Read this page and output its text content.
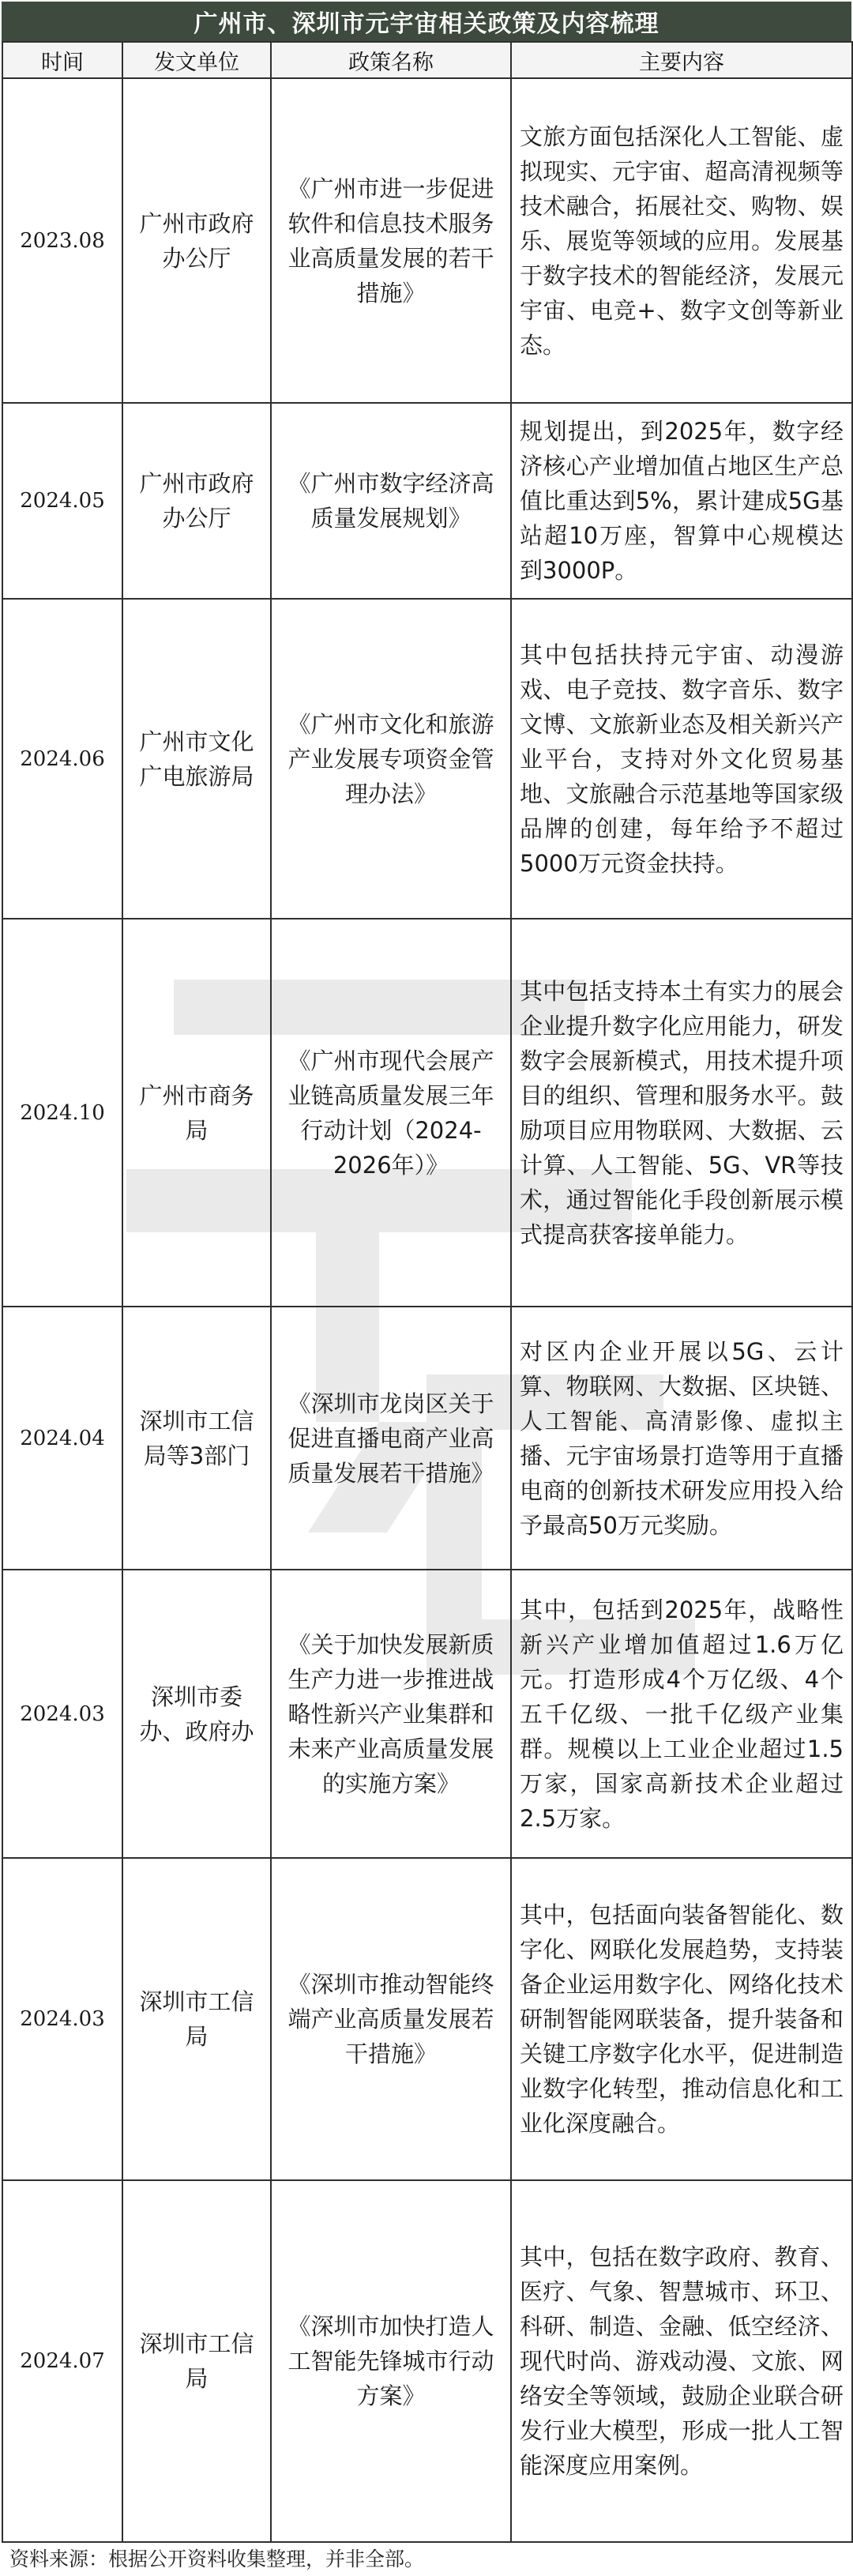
广州市、深圳市元宇宙相关政策及内容梳理
时间	发文单位	政策名称	主要内容
2023.08	广州市政府办公厅	《广州市进一步促进软件和信息技术服务业高质量发展的若干措施》	文旅方面包括深化人工智能、虚拟现实、元宇宙、超高清视频等技术融合，拓展社交、购物、娱乐、展览等领域的应用。发展基于数字技术的智能经济，发展元宇宙、电竞+、数字文创等新业态。
2024.05	广州市政府办公厅	《广州市数字经济高质量发展规划》	规划提出，到2025年，数字经济核心产业增加值占地区生产总值比重达到5%，累计建成5G基站超10万座，智算中心规模达到3000P。
2024.06	广州市文化广电旅游局	《广州市文化和旅游产业发展专项资金管理办法》	其中包括扶持元宇宙、动漫游戏、电子竞技、数字音乐、数字文博、文旅新业态及相关新兴产业平台，支持对外文化贸易基地、文旅融合示范基地等国家级品牌的创建，每年给予不超过5000万元资金扶持。
2024.10	广州市商务局	《广州市现代会展产业链高质量发展三年行动计划（2024-2026年）》	其中包括支持本土有实力的展会企业提升数字化应用能力，研发数字会展新模式，用技术提升项目的组织、管理和服务水平。鼓励项目应用物联网、大数据、云计算、人工智能、5G、VR等技术，通过智能化手段创新展示模式提高获客接单能力。
2024.04	深圳市工信局等3部门	《深圳市龙岗区关于促进直播电商产业高质量发展若干措施》	对区内企业开展以5G、云计算、物联网、大数据、区块链、人工智能、高清影像、虚拟主播、元宇宙场景打造等用于直播电商的创新技术研发应用投入给予最高50万元奖励。
2024.03	深圳市委办、政府办	《关于加快发展新质生产力进一步推进战略性新兴产业集群和未来产业高质量发展的实施方案》	其中，包括到2025年，战略性新兴产业增加值超过1.6万亿元。打造形成4个万亿级、4个五千亿级、一批千亿级产业集群。规模以上工业企业超过1.5万家，国家高新技术企业超过2.5万家。
2024.03	深圳市工信局	《深圳市推动智能终端产业高质量发展若干措施》	其中，包括面向装备智能化、数字化、网联化发展趋势，支持装备企业运用数字化、网络化技术研制智能网联装备，提升装备和关键工序数字化水平，促进制造业数字化转型，推动信息化和工业化深度融合。
2024.07	深圳市工信局	《深圳市加快打造人工智能先锋城市行动方案》	其中，包括在数字政府、教育、医疗、气象、智慧城市、环卫、科研、制造、金融、低空经济、现代时尚、游戏动漫、文旅、网络安全等领域，鼓励企业联合研发行业大模型，形成一批人工智能深度应用案例。
资料来源：根据公开资料收集整理，并非全部。
